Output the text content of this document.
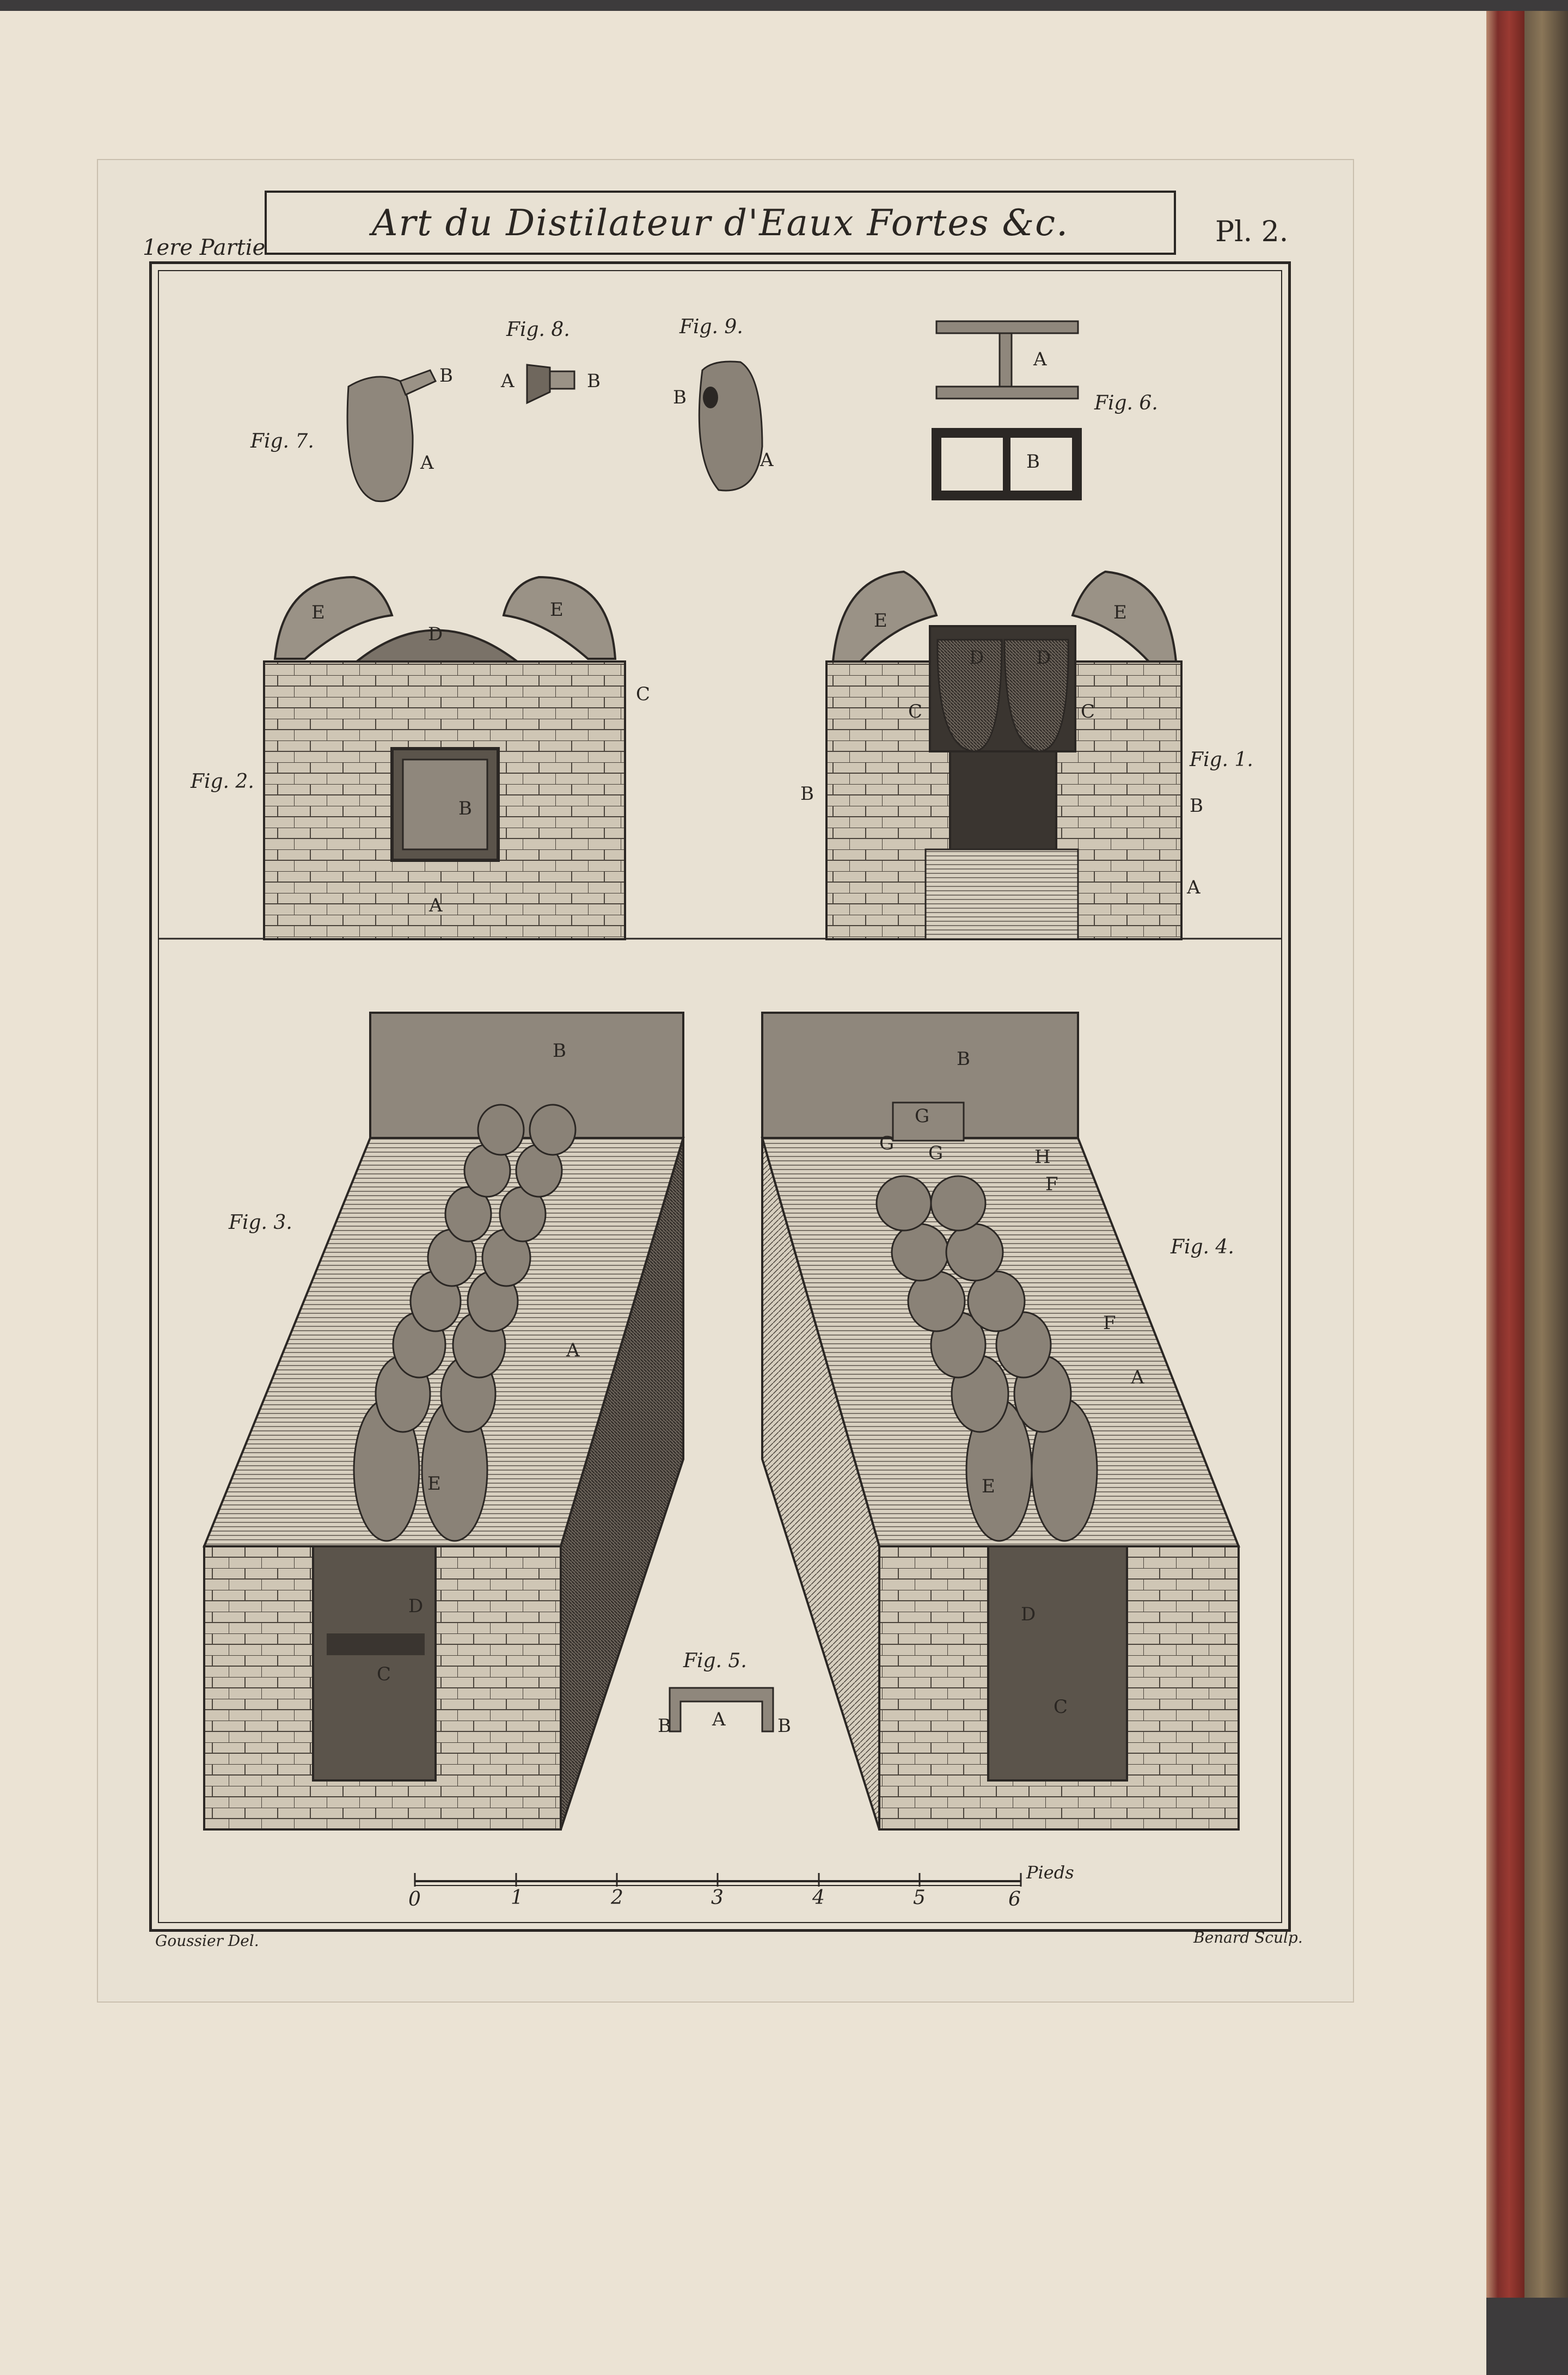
1ere Partie
Art du Distilateur d'Eaux Fortes &c.	Pl. 2.
Fig. 1.
Fig. 2.
Fig. 3.
Fig. 4.
Fig. 5.
Fig. 6.
Fig. 7.
Fig. 8.	Fig. 9.
B
A
A	B
B
A
A
B
E
D
E
C
B
A
E
D	D
E
C	C
B
B
A
B
A
E
D
C
B
G
G G	H
F
F
A
E
D
C
B A	B
0	1	2	3	4	5	6
Pieds
Goussier Del.	Benard Sculp.
